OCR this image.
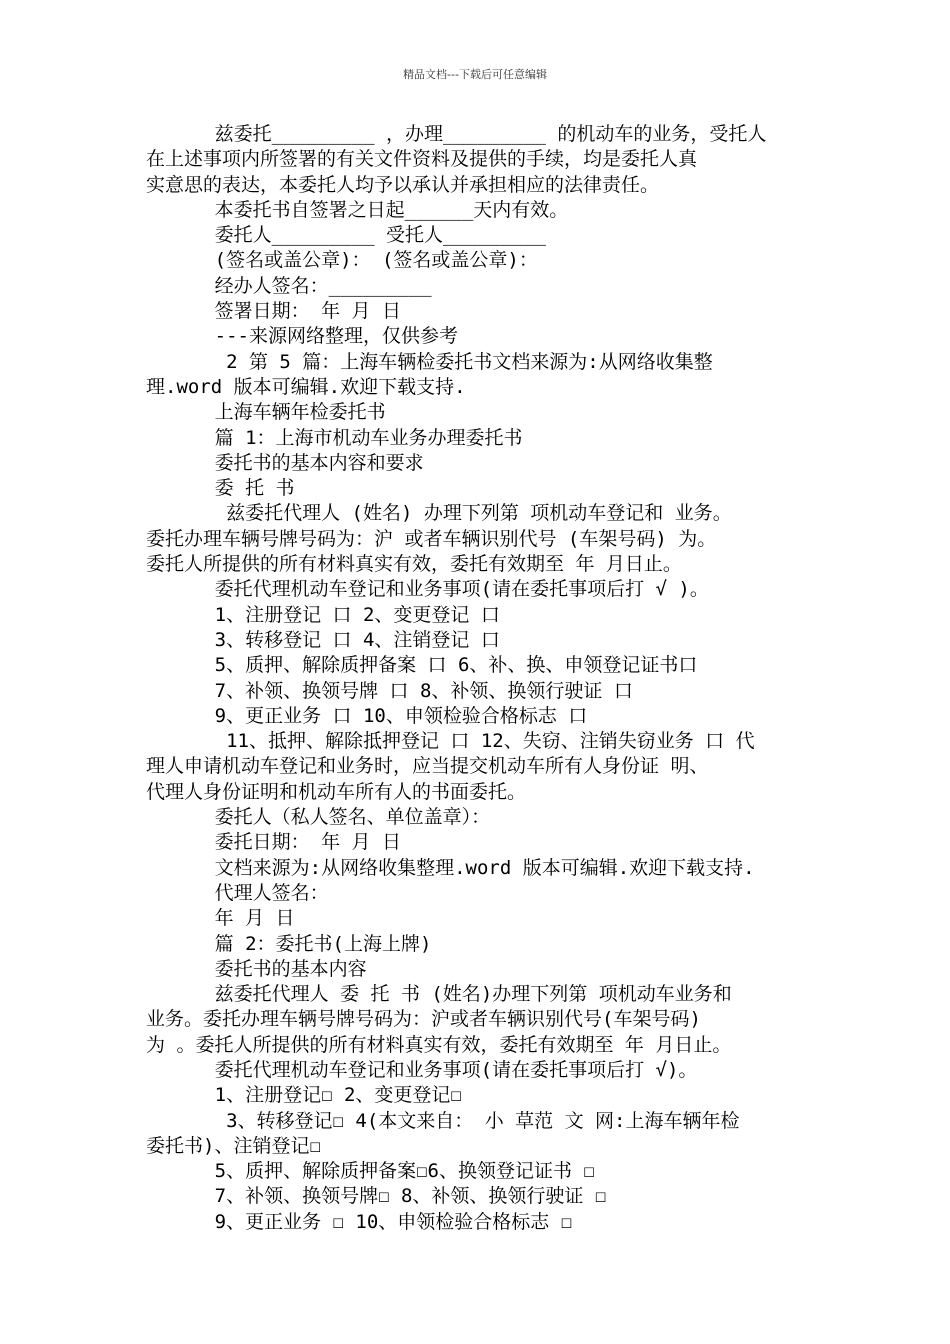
精品文档---下载后可任意编辑

兹委托_________ ，办理_________ 的机动车的业务，受托人

在上述事项内所签署的有关文件资料及提供的手续，均是委托人真

实意思的表达，本委托人均予以承认并承担相应的法律责任。

本委托书自签署之日起______天内有效。

委托人_________ 受托人_________

(签名或盖公章)： (签名或盖公章)：

经办人签名：_________

签署日期： 年 月 日

---来源网络整理，仅供参考

2 第 5 篇：上海车辆检委托书文档来源为:从网络收集整

理.word 版本可编辑.欢迎下载支持.

上海车辆年检委托书

篇 1：上海市机动车业务办理委托书

委托书的基本内容和要求

委 托 书

兹委托代理人 (姓名) 办理下列第 项机动车登记和 业务。

委托办理车辆号牌号码为：沪 或者车辆识别代号 (车架号码) 为。

委托人所提供的所有材料真实有效，委托有效期至 年 月日止。

委托代理机动车登记和业务事项(请在委托事项后打 √ )。

1、注册登记 口 2、变更登记 口

3、转移登记 口 4、注销登记 口

5、质押、解除质押备案 口 6、补、换、申领登记证书口

7、补领、换领号牌 口 8、补领、换领行驶证 口

9、更正业务 口 10、申领检验合格标志 口

11、抵押、解除抵押登记 口 12、失窃、注销失窃业务 口 代

理人申请机动车登记和业务时，应当提交机动车所有人身份证 明、

代理人身份证明和机动车所有人的书面委托。

委托人（私人签名、单位盖章）：

委托日期： 年 月 日

文档来源为:从网络收集整理.word 版本可编辑.欢迎下载支持.

代理人签名：

年 月 日

篇 2：委托书(上海上牌)

委托书的基本内容

兹委托代理人 委 托 书 (姓名)办理下列第 项机动车业务和

业务。委托办理车辆号牌号码为：沪或者车辆识别代号(车架号码)

为 。委托人所提供的所有材料真实有效，委托有效期至 年 月日止。

委托代理机动车登记和业务事项(请在委托事项后打 √)。

1、注册登记☐ 2、变更登记☐

3、转移登记☐ 4(本文来自： 小 草范 文 网:上海车辆年检

委托书)、注销登记☐

5、质押、解除质押备案☐6、换领登记证书 ☐

7、补领、换领号牌☐ 8、补领、换领行驶证 ☐

9、更正业务 ☐ 10、申领检验合格标志 ☐
